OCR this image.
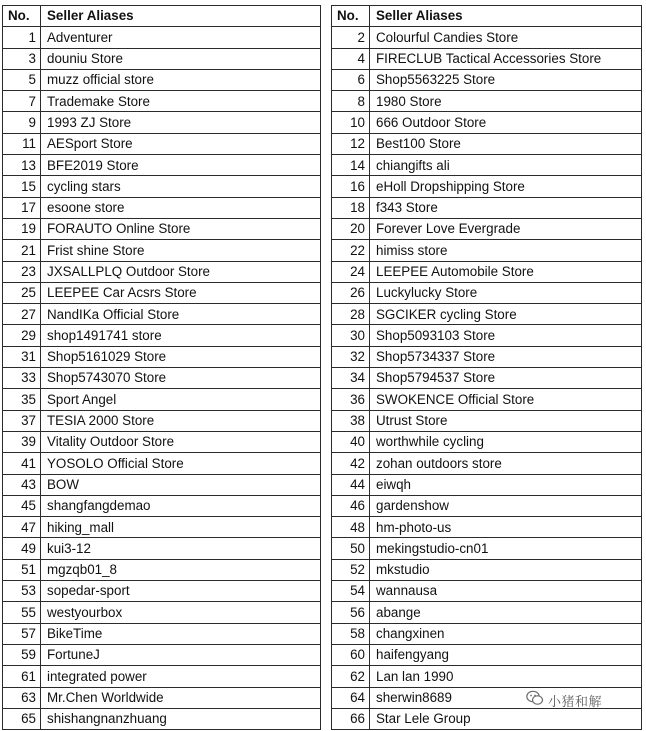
No.	Seller Aliases
1	Adventurer
3	douniu Store
5	muzz official store
7	Trademake Store
9	1993 ZJ Store
11	AESport Store
13	BFE2019 Store
15	cycling stars
17	esoone store
19	FORAUTO Online Store
21	Frist shine Store
23	JXSALLPLQ Outdoor Store
25	LEEPEE Car Acsrs Store
27	NandIKa Official Store
29	shop1491741 store
31	Shop5161029 Store
33	Shop5743070 Store
35	Sport Angel
37	TESIA 2000 Store
39	Vitality Outdoor Store
41	YOSOLO Official Store
43	BOW
45	shangfangdemao
47	hiking_mall
49	kui3-12
51	mgzqb01_8
53	sopedar-sport
55	westyourbox
57	BikeTime
59	FortuneJ
61	integrated power
63	Mr.Chen Worldwide
65	shishangnanzhuang
No.	Seller Aliases
2	Colourful Candies Store
4	FIRECLUB Tactical Accessories Store
6	Shop5563225 Store
8	1980 Store
10	666 Outdoor Store
12	Best100 Store
14	chiangifts ali
16	eHoll Dropshipping Store
18	f343 Store
20	Forever Love Evergrade
22	himiss store
24	LEEPEE Automobile Store
26	Luckylucky Store
28	SGCIKER cycling Store
30	Shop5093103 Store
32	Shop5734337 Store
34	Shop5794537 Store
36	SWOKENCE Official Store
38	Utrust Store
40	worthwhile cycling
42	zohan outdoors store
44	eiwqh
46	gardenshow
48	hm-photo-us
50	mekingstudio-cn01
52	mkstudio
54	wannausa
56	abange
58	changxinen
60	haifengyang
62	Lan lan 1990
64	sherwin8689
66	Star Lele Group
小猪和解
